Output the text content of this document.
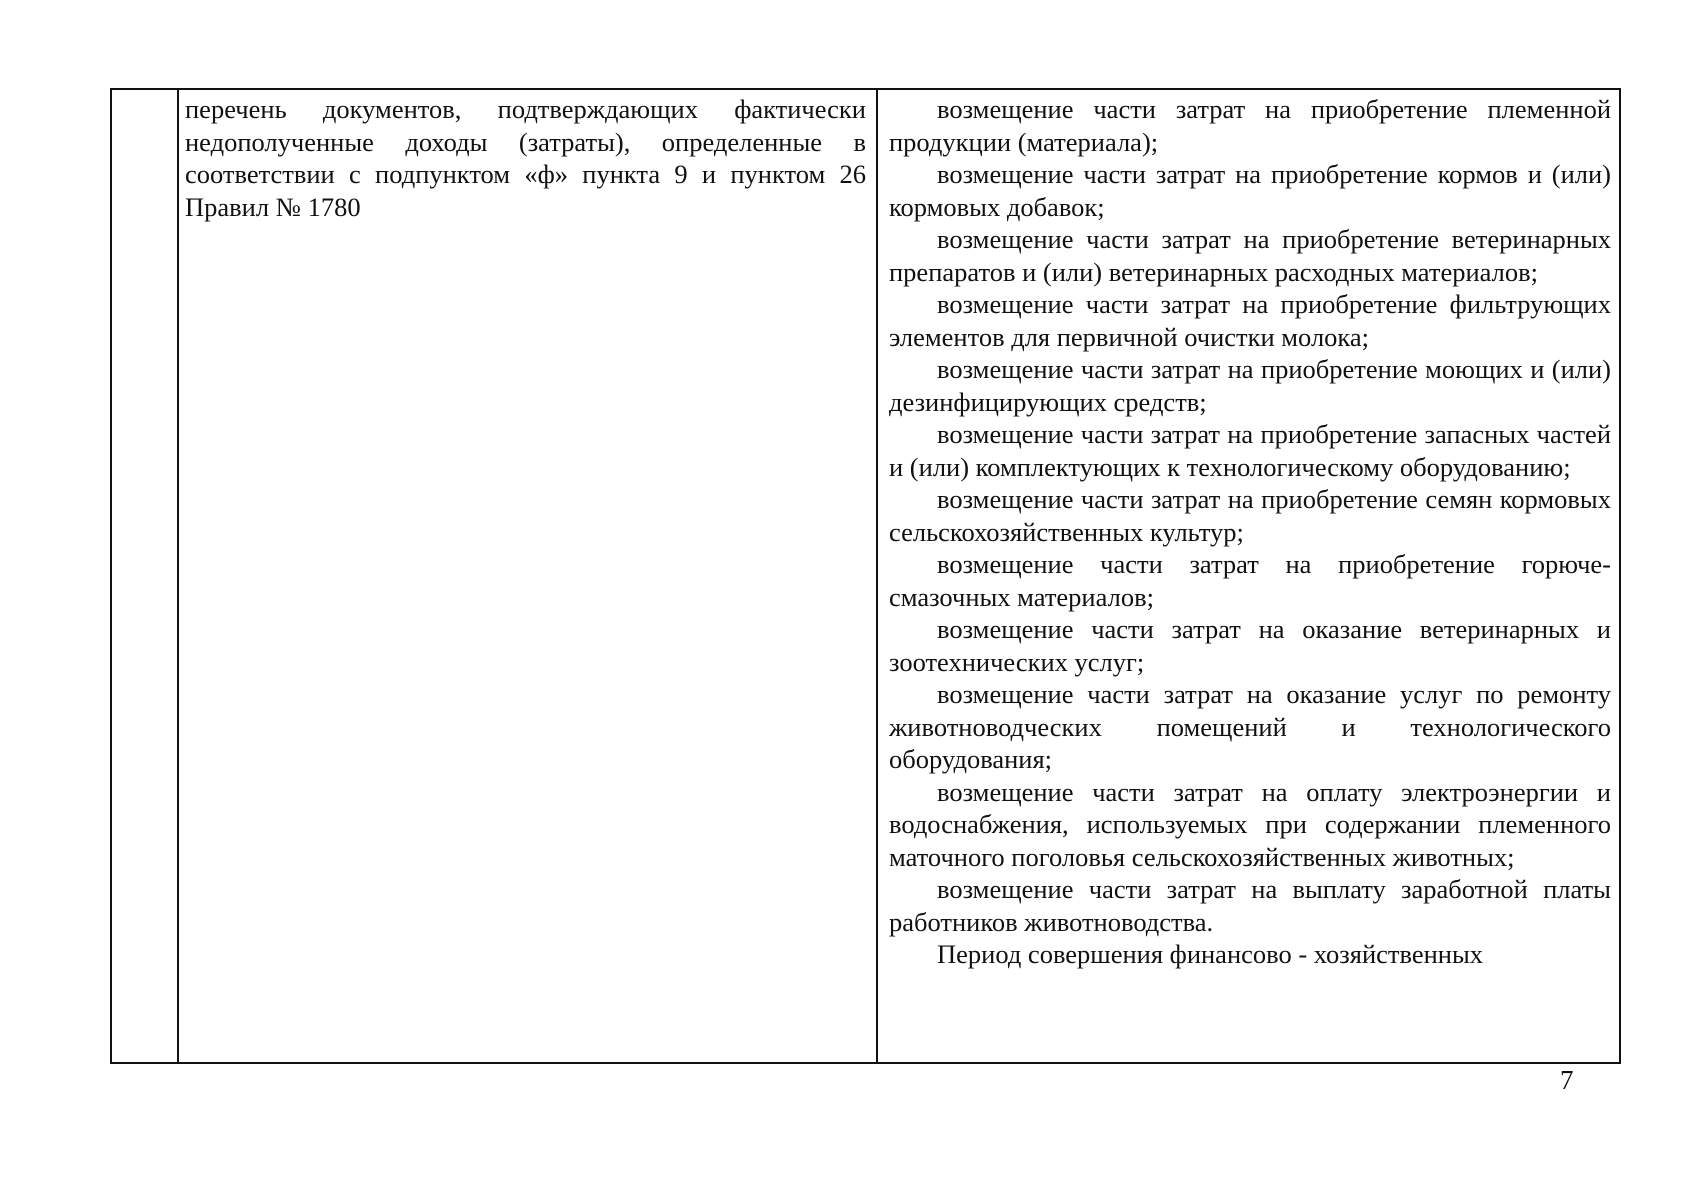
перечень документов, подтверждающих фактически недополученные доходы (затраты), определенные в соответствии с подпунктом «ф» пункта 9 и пунктом 26 Правил № 1780

возмещение части затрат на приобретение племенной продукции (материала);

возмещение части затрат на приобретение кормов и (или) кормовых добавок;

возмещение части затрат на приобретение ветеринарных препаратов и (или) ветеринарных расходных материалов;

возмещение части затрат на приобретение фильтрующих элементов для первичной очистки молока;

возмещение части затрат на приобретение моющих и (или) дезинфицирующих средств;

возмещение части затрат на приобретение запасных частей и (или) комплектующих к технологическому оборудованию;

возмещение части затрат на приобретение семян кормовых сельскохозяйственных культур;

возмещение части затрат на приобретение горюче-смазочных материалов;

возмещение части затрат на оказание ветеринарных и зоотехнических услуг;

возмещение части затрат на оказание услуг по ремонту животноводческих помещений и технологического оборудования;

возмещение части затрат на оплату электроэнергии и водоснабжения, используемых при содержании племенного маточного поголовья сельскохозяйственных животных;

возмещение части затрат на выплату заработной платы работников животноводства.

Период совершения финансово - хозяйственных

7
